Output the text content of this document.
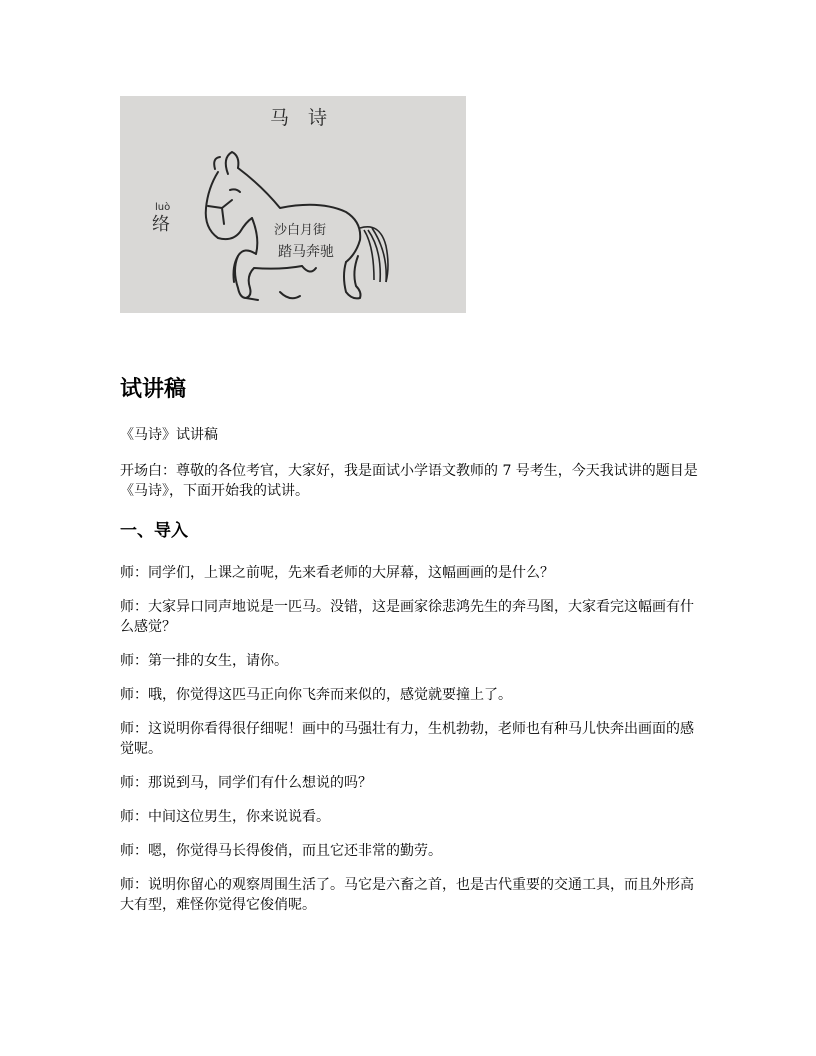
马　诗
luò
络	沙白月街
踏马奔驰
试讲稿

《马诗》试讲稿

开场白：尊敬的各位考官，大家好，我是面试小学语文教师的 7 号考生，今天我试讲的题目是《马诗》，下面开始我的试讲。

一、导入

师：同学们，上课之前呢，先来看老师的大屏幕，这幅画画的是什么？

师：大家异口同声地说是一匹马。没错，这是画家徐悲鸿先生的奔马图，大家看完这幅画有什么感觉？

师：第一排的女生，请你。

师：哦，你觉得这匹马正向你飞奔而来似的，感觉就要撞上了。

师：这说明你看得很仔细呢！画中的马强壮有力，生机勃勃，老师也有种马儿快奔出画面的感觉呢。

师：那说到马，同学们有什么想说的吗？

师：中间这位男生，你来说说看。

师：嗯，你觉得马长得俊俏，而且它还非常的勤劳。

师：说明你留心的观察周围生活了。马它是六畜之首，也是古代重要的交通工具，而且外形高大有型，难怪你觉得它俊俏呢。
